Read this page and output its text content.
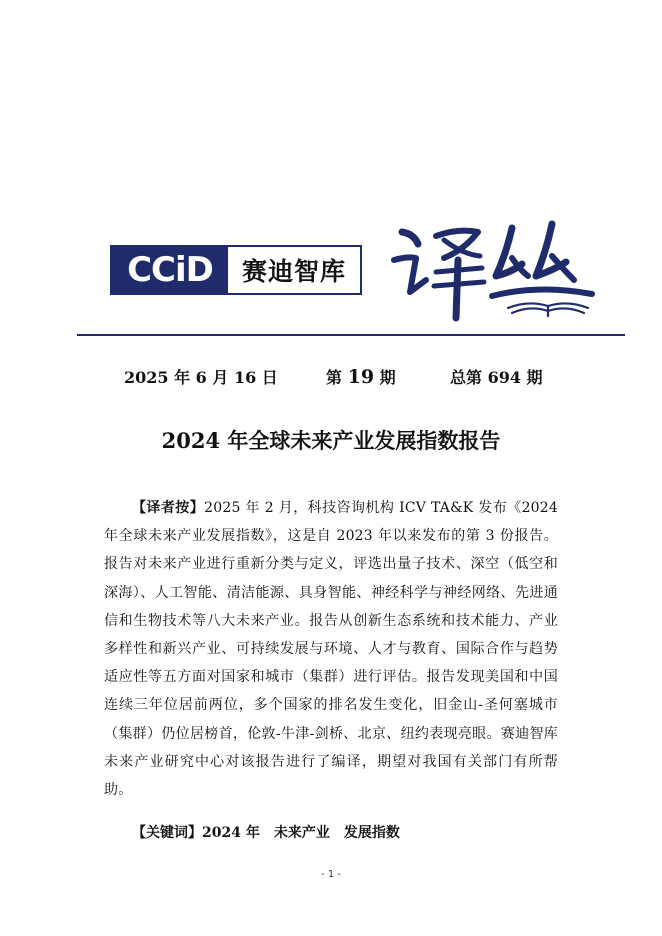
CCiD	赛迪智库
2025 年 6 月 16 日	第 19 期	总第 694 期
2024 年全球未来产业发展指数报告
【译者按】2025 年 2 月，科技咨询机构 ICV TA&K 发布《2024 年全球未来产业发展指数》，这是自 2023 年以来发布的第 3 份报告。报告对未来产业进行重新分类与定义，评选出量子技术、深空（低空和深海）、人工智能、清洁能源、具身智能、神经科学与神经网络、先进通信和生物技术等八大未来产业。报告从创新生态系统和技术能力、产业多样性和新兴产业、可持续发展与环境、人才与教育、国际合作与趋势适应性等五方面对国家和城市（集群）进行评估。报告发现美国和中国连续三年位居前两位，多个国家的排名发生变化，旧金山-圣何塞城市（集群）仍位居榜首，伦敦-牛津-剑桥、北京、纽约表现亮眼。赛迪智库未来产业研究中心对该报告进行了编译，期望对我国有关部门有所帮助。
【关键词】2024 年 未来产业 发展指数
- 1 -
